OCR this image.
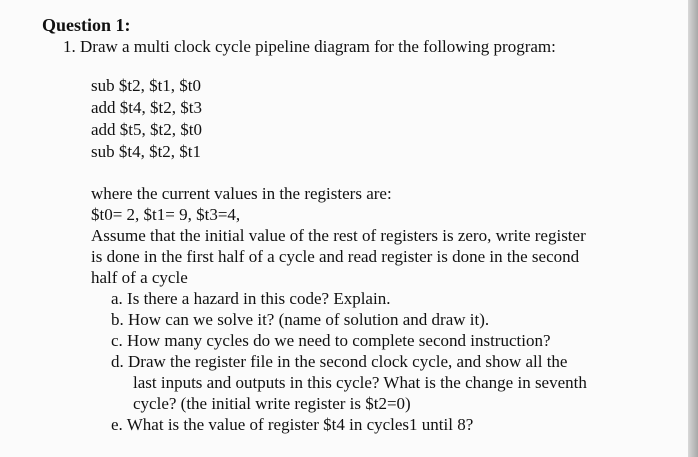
Question 1:
1. Draw a multi clock cycle pipeline diagram for the following program:
sub $t2, $t1, $t0
add $t4, $t2, $t3
add $t5, $t2, $t0
sub $t4, $t2, $t1
where the current values in the registers are:
$t0= 2, $t1= 9, $t3=4,
Assume that the initial value of the rest of registers is zero, write register
is done in the first half of a cycle and read register is done in the second
half of a cycle
a. Is there a hazard in this code? Explain.
b. How can we solve it? (name of solution and draw it).
c. How many cycles do we need to complete second instruction?
d. Draw the register file in the second clock cycle, and show all the
last inputs and outputs in this cycle? What is the change in seventh
cycle? (the initial write register is $t2=0)
e. What is the value of register $t4 in cycles1 until 8?
